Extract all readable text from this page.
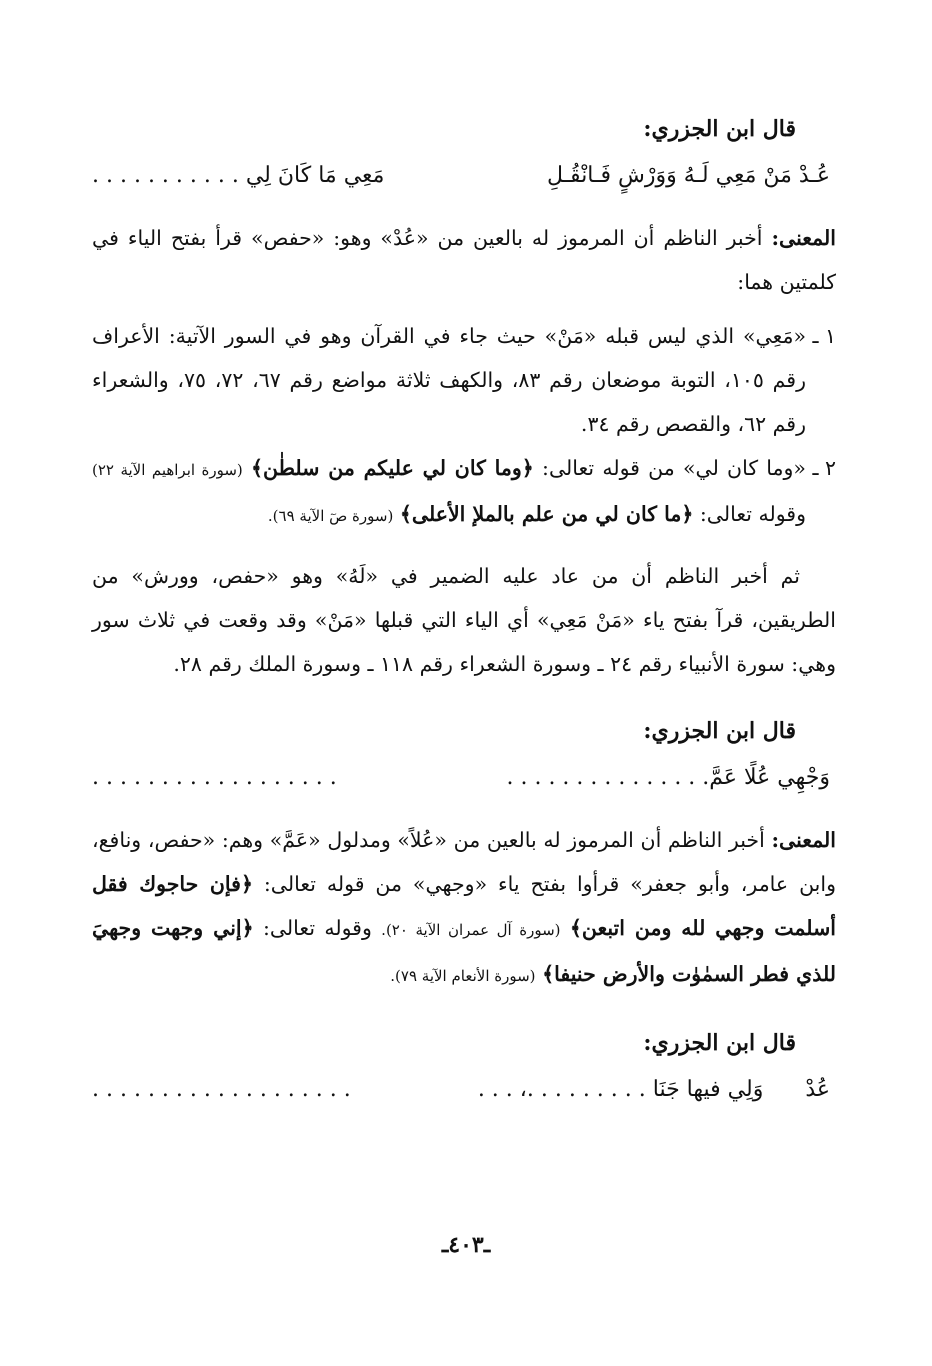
قال ابن الجزري:
عُـدْ مَنْ مَعِي لَـهُ وَوَرْشٍ فَـانْقُـلِ
مَعِي مَا كَانَ لِي . . . . . . . . . . .

المعنى: أخبر الناظم أن المرموز له بالعين من «عُدْ» وهو: «حفص» قرأ بفتح الياء في كلمتين هما:

١ ـ
«مَعِي» الذي ليس قبله «مَنْ» حيث جاء في القرآن وهو في السور الآتية: الأعراف رقم ١٠٥، التوبة موضعان رقم ٨٣، والكهف ثلاثة مواضع رقم ٦٧، ٧٢، ٧٥، والشعراء رقم ٦٢، والقصص رقم ٣٤.
٢ ـ
«وما كان لي» من قوله تعالى: ﴿وما كان لي عليكم من سلطٰن﴾ (سورة ابراهيم الآية ٢٢) وقوله تعالى: ﴿ما كان لي من علم بالملإ الأعلى﴾ (سورة صٓ الآية ٦٩).

ثم أخبر الناظم أن من عاد عليه الضمير في «لَهُ» وهو «حفص، وورش» من الطريقين، قرآ بفتح ياء «مَنْ مَعِي» أي الياء التي قبلها «مَنْ» وقد وقعت في ثلاث سور وهي: سورة الأنبياء رقم ٢٤ ـ وسورة الشعراء رقم ١١٨ ـ وسورة الملك رقم ٢٨.

قال ابن الجزري:
وَجْهِي عُلًا عَمَّ. . . . . . . . . . . . . . .
. . . . . . . . . . . . . . . . . .

المعنى: أخبر الناظم أن المرموز له بالعين من «عُلاً» ومدلول «عَمَّ» وهم: «حفص، ونافع، وابن عامر، وأبو جعفر» قرأوا بفتح ياء «وجهي» من قوله تعالى: ﴿فإن حاجوك فقل أسلمت وجهي لله ومن اتبعن﴾ (سورة آل عمران الآية ٢٠). وقوله تعالى: ﴿إني وجهت وجهيَ للذي فطر السمٰوٰت والأرض حنيفا﴾ (سورة الأنعام الآية ٧٩).

قال ابن الجزري:
عُدْ      وَلِي فيها جَنَا . . . . . . . . .، . . .
. . . . . . . . . . . . . . . . . . .
ـ٤٠٣ـ
